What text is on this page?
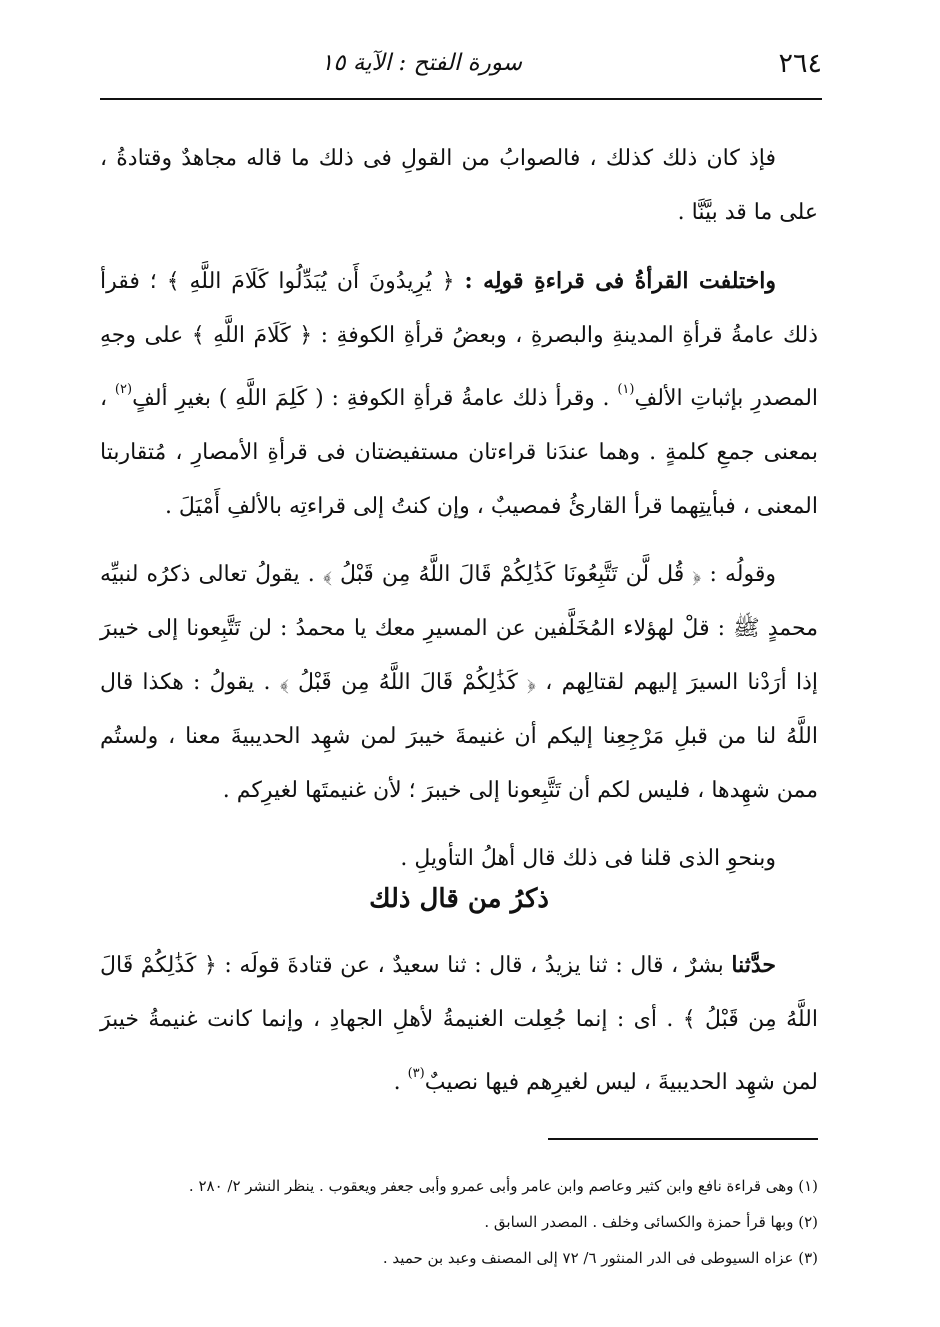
٢٦٤
سورة الفتح : الآية ١٥

فإذ كان ذلك كذلك ، فالصوابُ من القولِ فى ذلك ما قاله مجاهدٌ وقتادةُ ، على ما قد بيَّنَّا .

واختلفت القرأةُ فى قراءةِ قولِه : ﴿ يُرِيدُونَ أَن يُبَدِّلُوا كَلَامَ اللَّهِ ﴾ ؛ فقرأ ذلك عامةُ قرأةِ المدينةِ والبصرةِ ، وبعضُ قرأةِ الكوفةِ : ﴿ كَلَامَ اللَّهِ ﴾ على وجهِ المصدرِ بإثباتِ الألفِ$^{(١)}$ . وقرأ ذلك عامةُ قرأةِ الكوفةِ : ( كَلِمَ اللَّهِ ) بغيرِ ألفٍ$^{(٢)}$ ، بمعنى جمعِ كلمةٍ . وهما عندَنا قراءتان مستفيضتان فى قرأةِ الأمصارِ ، مُتقاربتا المعنى ، فبأيتِهما قرأ القارئُ فمصيبٌ ، وإن كنتُ إلى قراءتِه بالألفِ أَمْيَلَ .

وقولُه : ﴿ قُل لَّن تَتَّبِعُونَا كَذَٰلِكُمْ قَالَ اللَّهُ مِن قَبْلُ ﴾ . يقولُ تعالى ذكرُه لنبيِّه محمدٍ ﷺ : قلْ لهؤلاء المُخَلَّفين عن المسيرِ معك يا محمدُ : لن تَتَّبِعونا إلى خيبرَ إذا أرَدْنا السيرَ إليهم لقتالِهم ، ﴿ كَذَٰلِكُمْ قَالَ اللَّهُ مِن قَبْلُ ﴾ . يقولُ : هكذا قال اللَّهُ لنا من قبلِ مَرْجِعِنا إليكم أن غنيمةَ خيبرَ لمن شهِد الحديبيةَ معنا ، ولستُم ممن شهِدها ، فليس لكم أن تَتَّبِعونا إلى خيبرَ ؛ لأن غنيمتَها لغيرِكم .

وبنحوِ الذى قلنا فى ذلك قال أهلُ التأويلِ .

ذكرُ من قال ذلك

حدَّثنا بشرٌ ، قال : ثنا يزيدُ ، قال : ثنا سعيدٌ ، عن قتادةَ قولَه : ﴿ كَذَٰلِكُمْ قَالَ اللَّهُ مِن قَبْلُ ﴾ . أى : إنما جُعِلت الغنيمةُ لأهلِ الجهادِ ، وإنما كانت غنيمةُ خيبرَ لمن شهِد الحديبيةَ ، ليس لغيرِهم فيها نصيبٌ$^{(٣)}$ .

(١) وهى قراءة نافع وابن كثير وعاصم وابن عامر وأبى عمرو وأبى جعفر ويعقوب . ينظر النشر ٢/ ٢٨٠ .

(٢) وبها قرأ حمزة والكسائى وخلف . المصدر السابق .

(٣) عزاه السيوطى فى الدر المنثور ٦/ ٧٢ إلى المصنف وعبد بن حميد .
